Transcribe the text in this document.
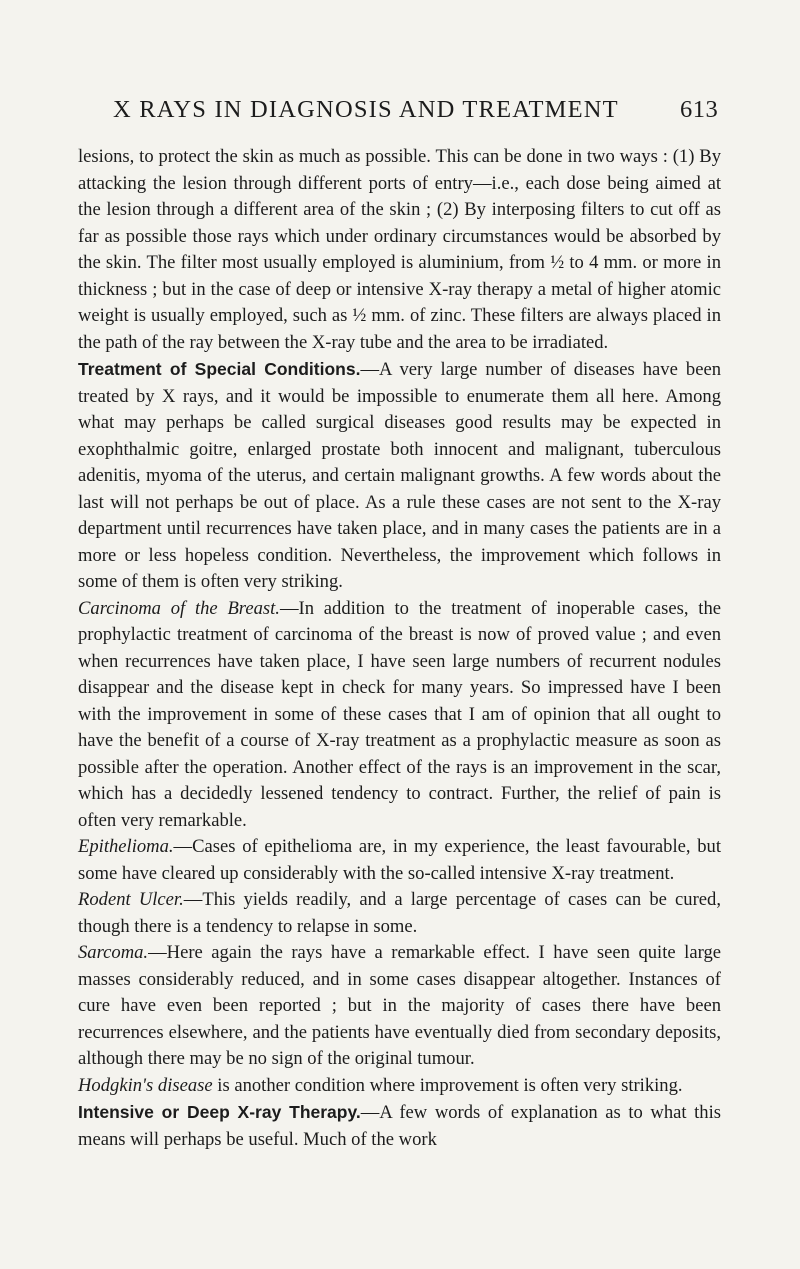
X RAYS IN DIAGNOSIS AND TREATMENT 613

lesions, to protect the skin as much as possible. This can be done in two ways : (1) By attacking the lesion through different ports of entry—i.e., each dose being aimed at the lesion through a different area of the skin ; (2) By interposing filters to cut off as far as possible those rays which under ordinary circumstances would be absorbed by the skin. The filter most usually employed is aluminium, from ½ to 4 mm. or more in thickness ; but in the case of deep or intensive X-ray therapy a metal of higher atomic weight is usually employed, such as ½ mm. of zinc. These filters are always placed in the path of the ray between the X-ray tube and the area to be irradiated.

Treatment of Special Conditions.—A very large number of diseases have been treated by X rays, and it would be impossible to enumerate them all here. Among what may perhaps be called surgical diseases good results may be expected in exophthalmic goitre, enlarged prostate both innocent and malignant, tuberculous adenitis, myoma of the uterus, and certain malignant growths. A few words about the last will not perhaps be out of place. As a rule these cases are not sent to the X-ray department until recurrences have taken place, and in many cases the patients are in a more or less hopeless condition. Nevertheless, the improvement which follows in some of them is often very striking.

Carcinoma of the Breast.—In addition to the treatment of inoperable cases, the prophylactic treatment of carcinoma of the breast is now of proved value ; and even when recurrences have taken place, I have seen large numbers of recurrent nodules disappear and the disease kept in check for many years. So impressed have I been with the improvement in some of these cases that I am of opinion that all ought to have the benefit of a course of X-ray treatment as a prophylactic measure as soon as possible after the operation. Another effect of the rays is an improvement in the scar, which has a decidedly lessened tendency to contract. Further, the relief of pain is often very remarkable.

Epithelioma.—Cases of epithelioma are, in my experience, the least favourable, but some have cleared up considerably with the so-called intensive X-ray treatment.

Rodent Ulcer.—This yields readily, and a large percentage of cases can be cured, though there is a tendency to relapse in some.

Sarcoma.—Here again the rays have a remarkable effect. I have seen quite large masses considerably reduced, and in some cases disappear altogether. Instances of cure have even been reported ; but in the majority of cases there have been recurrences elsewhere, and the patients have eventually died from secondary deposits, although there may be no sign of the original tumour.

Hodgkin's disease is another condition where improvement is often very striking.

Intensive or Deep X-ray Therapy.—A few words of explanation as to what this means will perhaps be useful. Much of the work
